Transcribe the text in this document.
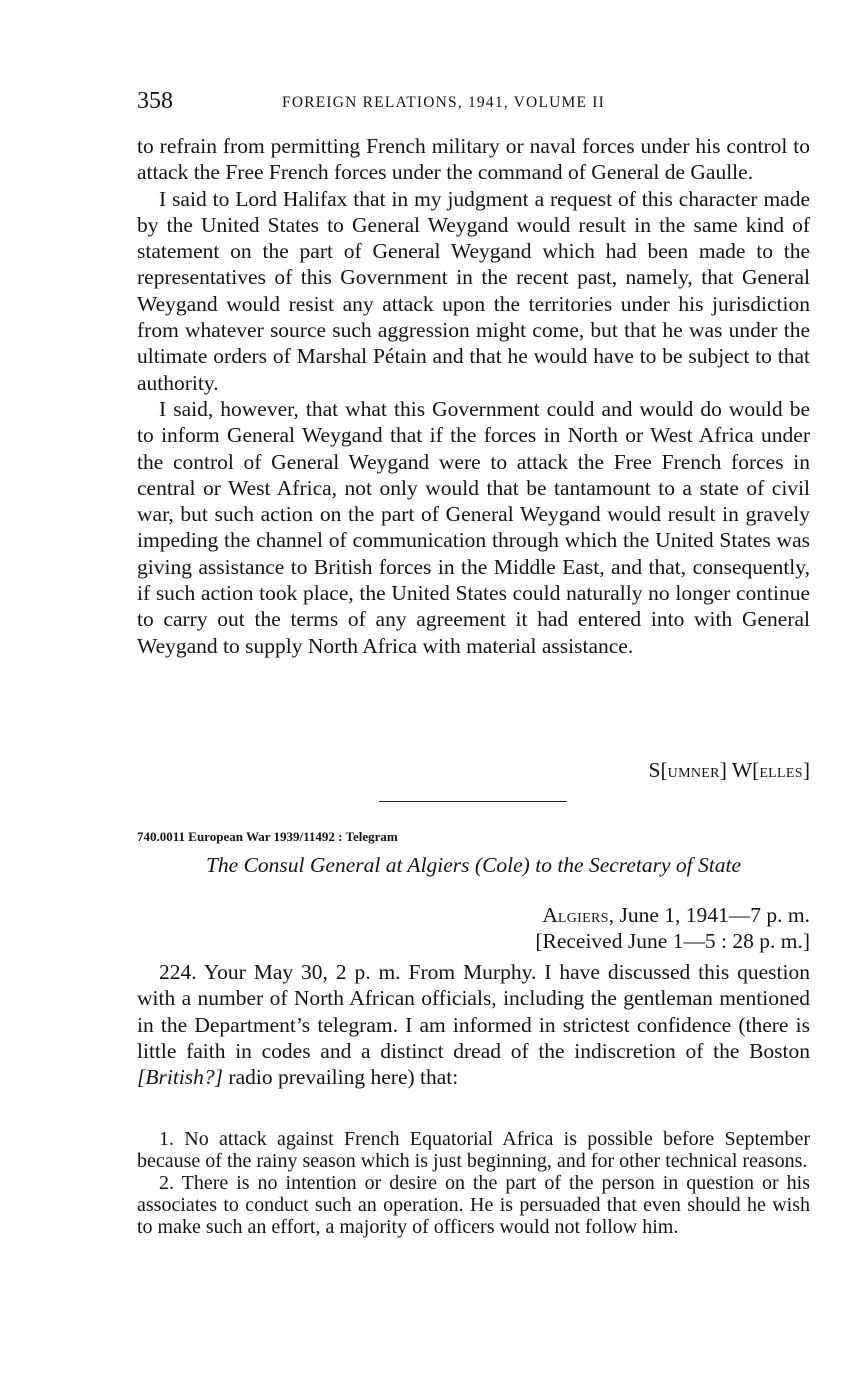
358	FOREIGN RELATIONS, 1941, VOLUME II

to refrain from permitting French military or naval forces under his control to attack the Free French forces under the command of General de Gaulle.

I said to Lord Halifax that in my judgment a request of this character made by the United States to General Weygand would result in the same kind of statement on the part of General Weygand which had been made to the representatives of this Government in the recent past, namely, that General Weygand would resist any attack upon the territories under his jurisdiction from whatever source such aggression might come, but that he was under the ultimate orders of Marshal Pétain and that he would have to be subject to that authority.

I said, however, that what this Government could and would do would be to inform General Weygand that if the forces in North or West Africa under the control of General Weygand were to attack the Free French forces in central or West Africa, not only would that be tantamount to a state of civil war, but such action on the part of General Weygand would result in gravely impeding the channel of communication through which the United States was giving assistance to British forces in the Middle East, and that, consequently, if such action took place, the United States could naturally no longer continue to carry out the terms of any agreement it had entered into with General Weygand to supply North Africa with material assistance.

S[UMNER] W[ELLES]
740.0011 European War 1939/11492 : Telegram
The Consul General at Algiers (Cole) to the Secretary of State
ALGIERS, June 1, 1941—7 p. m.
[Received June 1—5 : 28 p. m.]

224. Your May 30, 2 p. m. From Murphy. I have discussed this question with a number of North African officials, including the gentleman mentioned in the Department’s telegram. I am informed in strictest confidence (there is little faith in codes and a distinct dread of the indiscretion of the Boston [British?] radio prevailing here) that:

1. No attack against French Equatorial Africa is possible before September because of the rainy season which is just beginning, and for other technical reasons.

2. There is no intention or desire on the part of the person in question or his associates to conduct such an operation. He is persuaded that even should he wish to make such an effort, a majority of officers would not follow him.
